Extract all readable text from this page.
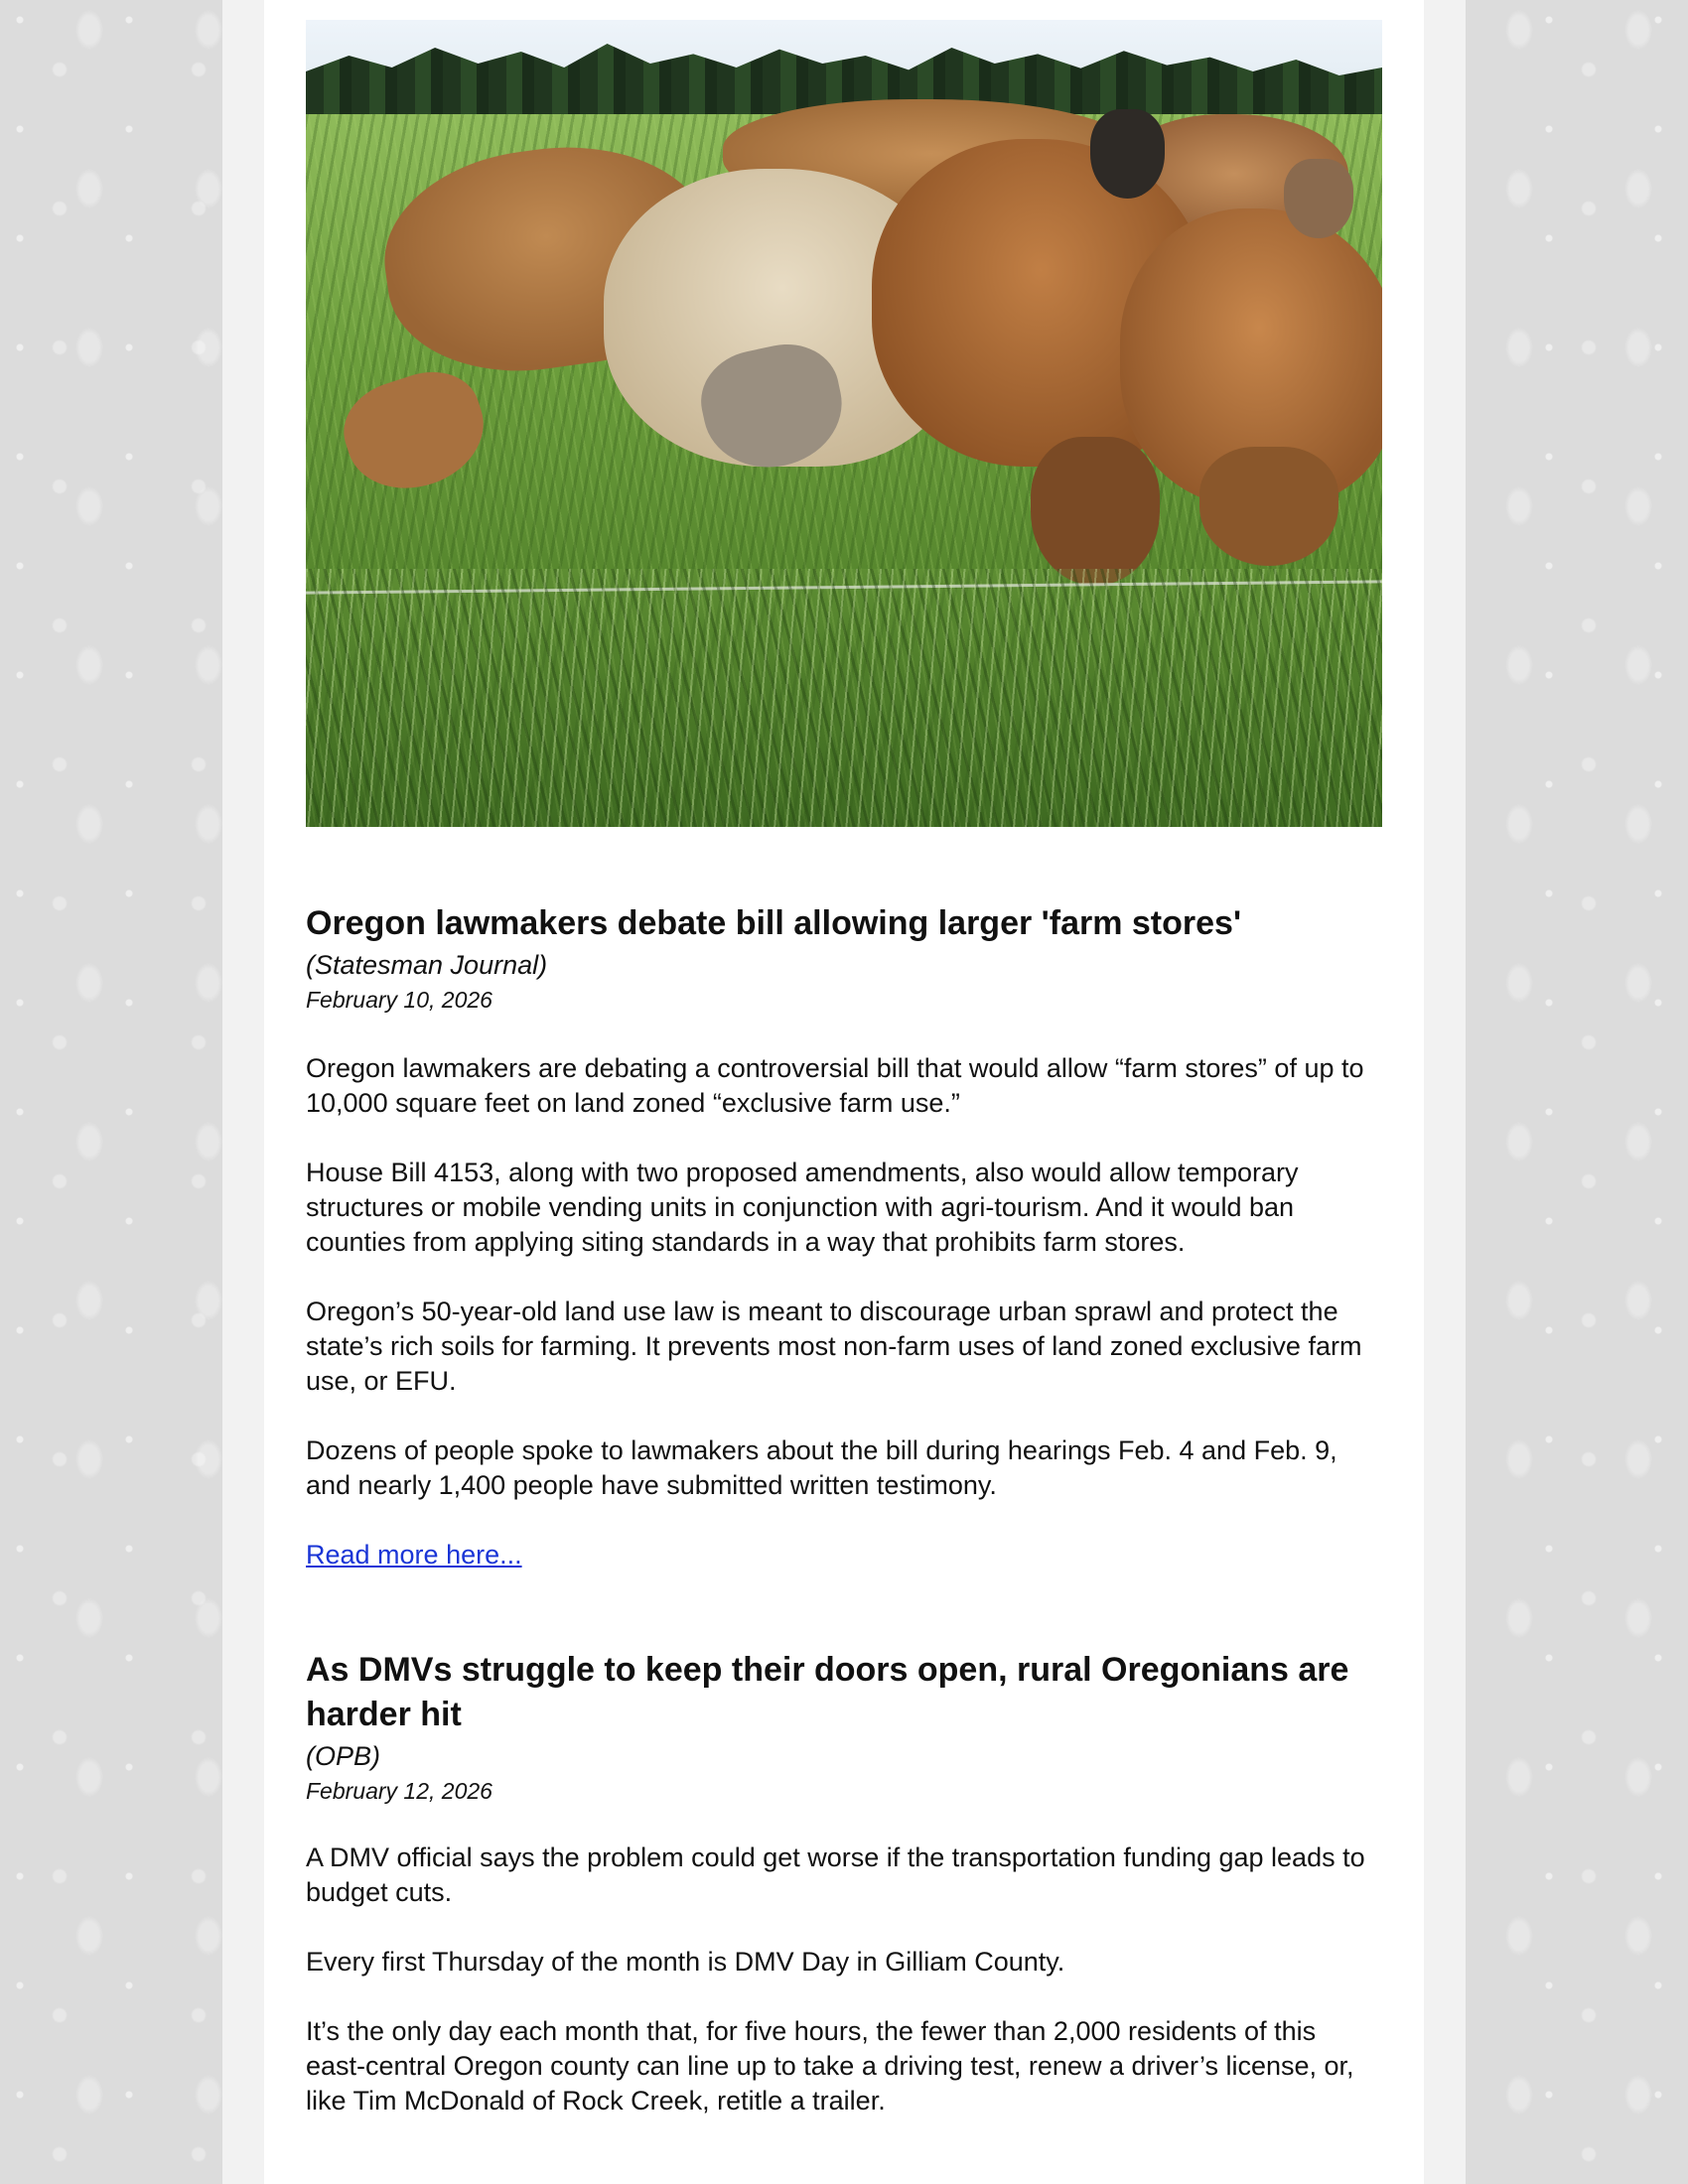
Oregon lawmakers debate bill allowing larger 'farm stores'
(Statesman Journal)
February 10, 2026

Oregon lawmakers are debating a controversial bill that would allow “farm stores” of up to 10,000 square feet on land zoned “exclusive farm use.”

House Bill 4153, along with two proposed amendments, also would allow temporary structures or mobile vending units in conjunction with agri-tourism. And it would ban counties from applying siting standards in a way that prohibits farm stores.

Oregon’s 50-year-old land use law is meant to discourage urban sprawl and protect the state’s rich soils for farming. It prevents most non-farm uses of land zoned exclusive farm use, or EFU.

Dozens of people spoke to lawmakers about the bill during hearings Feb. 4 and Feb. 9, and nearly 1,400 people have submitted written testimony.

Read more here...
As DMVs struggle to keep their doors open, rural Oregonians are harder hit
(OPB)
February 12, 2026

A DMV official says the problem could get worse if the transportation funding gap leads to budget cuts.

Every first Thursday of the month is DMV Day in Gilliam County.

It’s the only day each month that, for five hours, the fewer than 2,000 residents of this east-central Oregon county can line up to take a driving test, renew a driver’s license, or, like Tim McDonald of Rock Creek, retitle a trailer.
